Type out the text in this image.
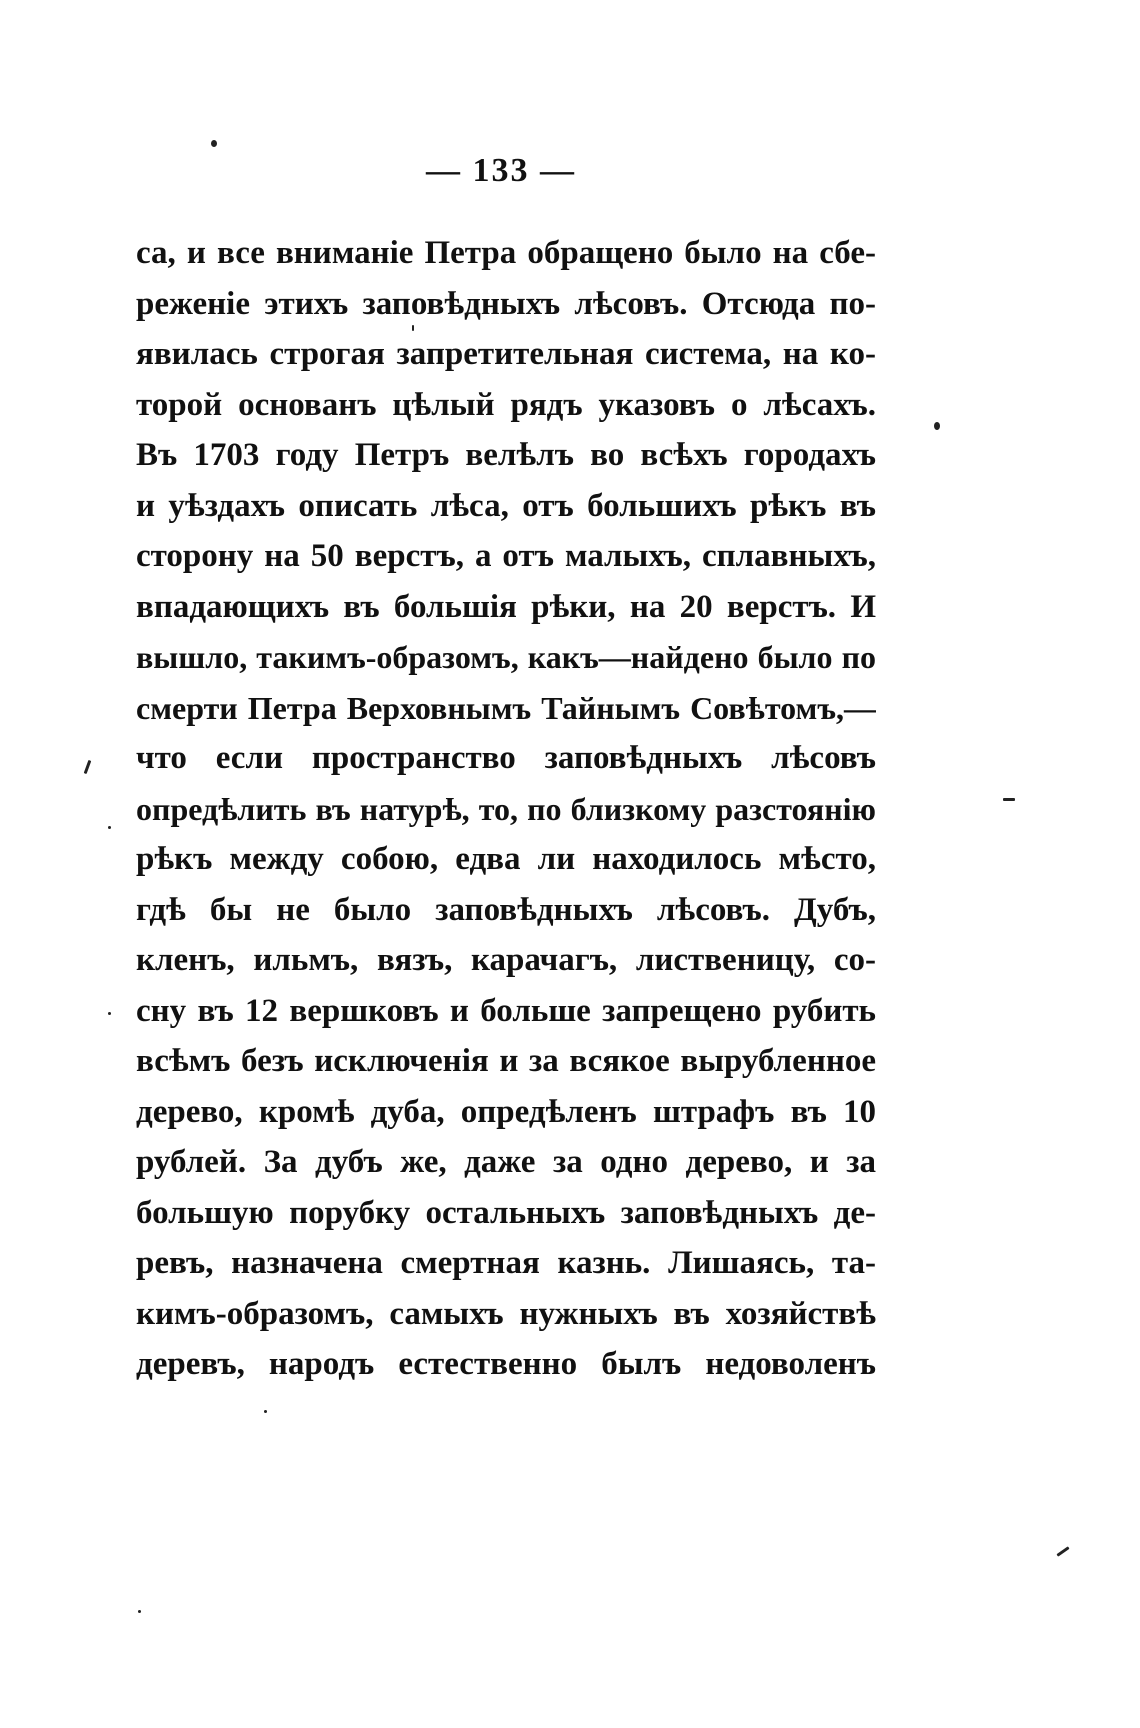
— 133 —
са, и все вниманіе Петра обращено было на сбе-
реженіе этихъ заповѣдныхъ лѣсовъ. Отсюда по-
явилась строгая запретительная система, на ко-
торой основанъ цѣлый рядъ указовъ о лѣсахъ.
Въ 1703 году Петръ велѣлъ во всѣхъ городахъ
и уѣздахъ описать лѣса, отъ большихъ рѣкъ въ
сторону на 50 верстъ, а отъ малыхъ, сплавныхъ,
впадающихъ въ большія рѣки, на 20 верстъ. И
вышло, такимъ-образомъ, какъ—найдено было по
смерти Петра Верховнымъ Тайнымъ Совѣтомъ,—
что если пространство заповѣдныхъ лѣсовъ
опредѣлить въ натурѣ, то, по близкому разстоянію
рѣкъ между собою, едва ли находилось мѣсто,
гдѣ бы не было заповѣдныхъ лѣсовъ. Дубъ,
кленъ, ильмъ, вязъ, карачагъ, лиственицу, со-
сну въ 12 вершковъ и больше запрещено рубить
всѣмъ безъ исключенія и за всякое вырубленное
дерево, кромѣ дуба, опредѣленъ штрафъ въ 10
рублей. За дубъ же, даже за одно дерево, и за
большую порубку остальныхъ заповѣдныхъ де-
ревъ, назначена смертная казнь. Лишаясь, та-
кимъ-образомъ, самыхъ нужныхъ въ хозяйствѣ
деревъ, народъ естественно былъ недоволенъ
